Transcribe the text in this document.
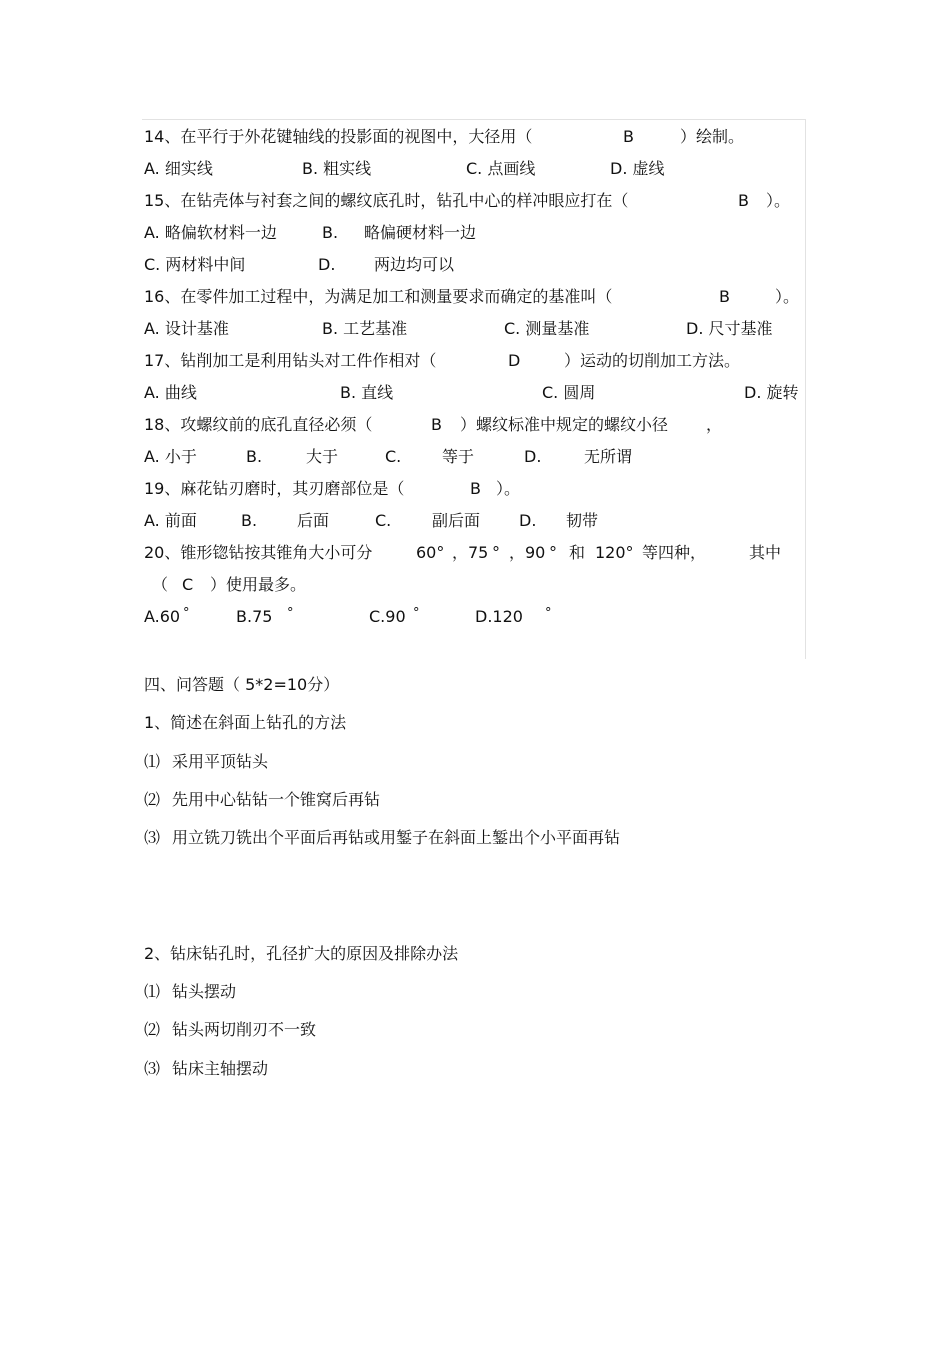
14、在平行于外花键轴线的投影面的视图中，大径用（	B	）绘制。
A. 细实线	B. 粗实线	C. 点画线	D. 虚线
15、在钻壳体与衬套之间的螺纹底孔时，钻孔中心的样冲眼应打在（	B ）。
A. 略偏软材料一边	B. 略偏硬材料一边
C. 两材料中间	D. 两边均可以
16、在零件加工过程中，为满足加工和测量要求而确定的基准叫（	B	）。
A. 设计基准	B. 工艺基准	C. 测量基准	D. 尺寸基准
17、钻削加工是利用钻头对工件作相对（	D	）运动的切削加工方法。
A. 曲线	B. 直线	C. 圆周	D. 旋转
18、攻螺纹前的底孔直径必须（	B ）螺纹标准中规定的螺纹小径 ，
A. 小于	B.	大于	C.	等于	D.	无所谓
19、麻花钻刃磨时，其刃磨部位是（	B ）。
A. 前面	B. 后面	C.	副后面 D. 韧带
20、锥形锪钻按其锥角大小可分	60° ，75 ° ，90 ° 和 120° 等四种，	其中
（ C ）使用最多。
A.60 °	B.75 °	C.90 °	D.120 °
四、问答题（ 5*2=10分）
1、简述在斜面上钻孔的方法
⑴ 采用平顶钻头
⑵ 先用中心钻钻一个锥窝后再钻
⑶ 用立铣刀铣出个平面后再钻或用錾子在斜面上錾出个小平面再钻
2、钻床钻孔时，孔径扩大的原因及排除办法
⑴ 钻头摆动
⑵ 钻头两切削刃不一致
⑶ 钻床主轴摆动
